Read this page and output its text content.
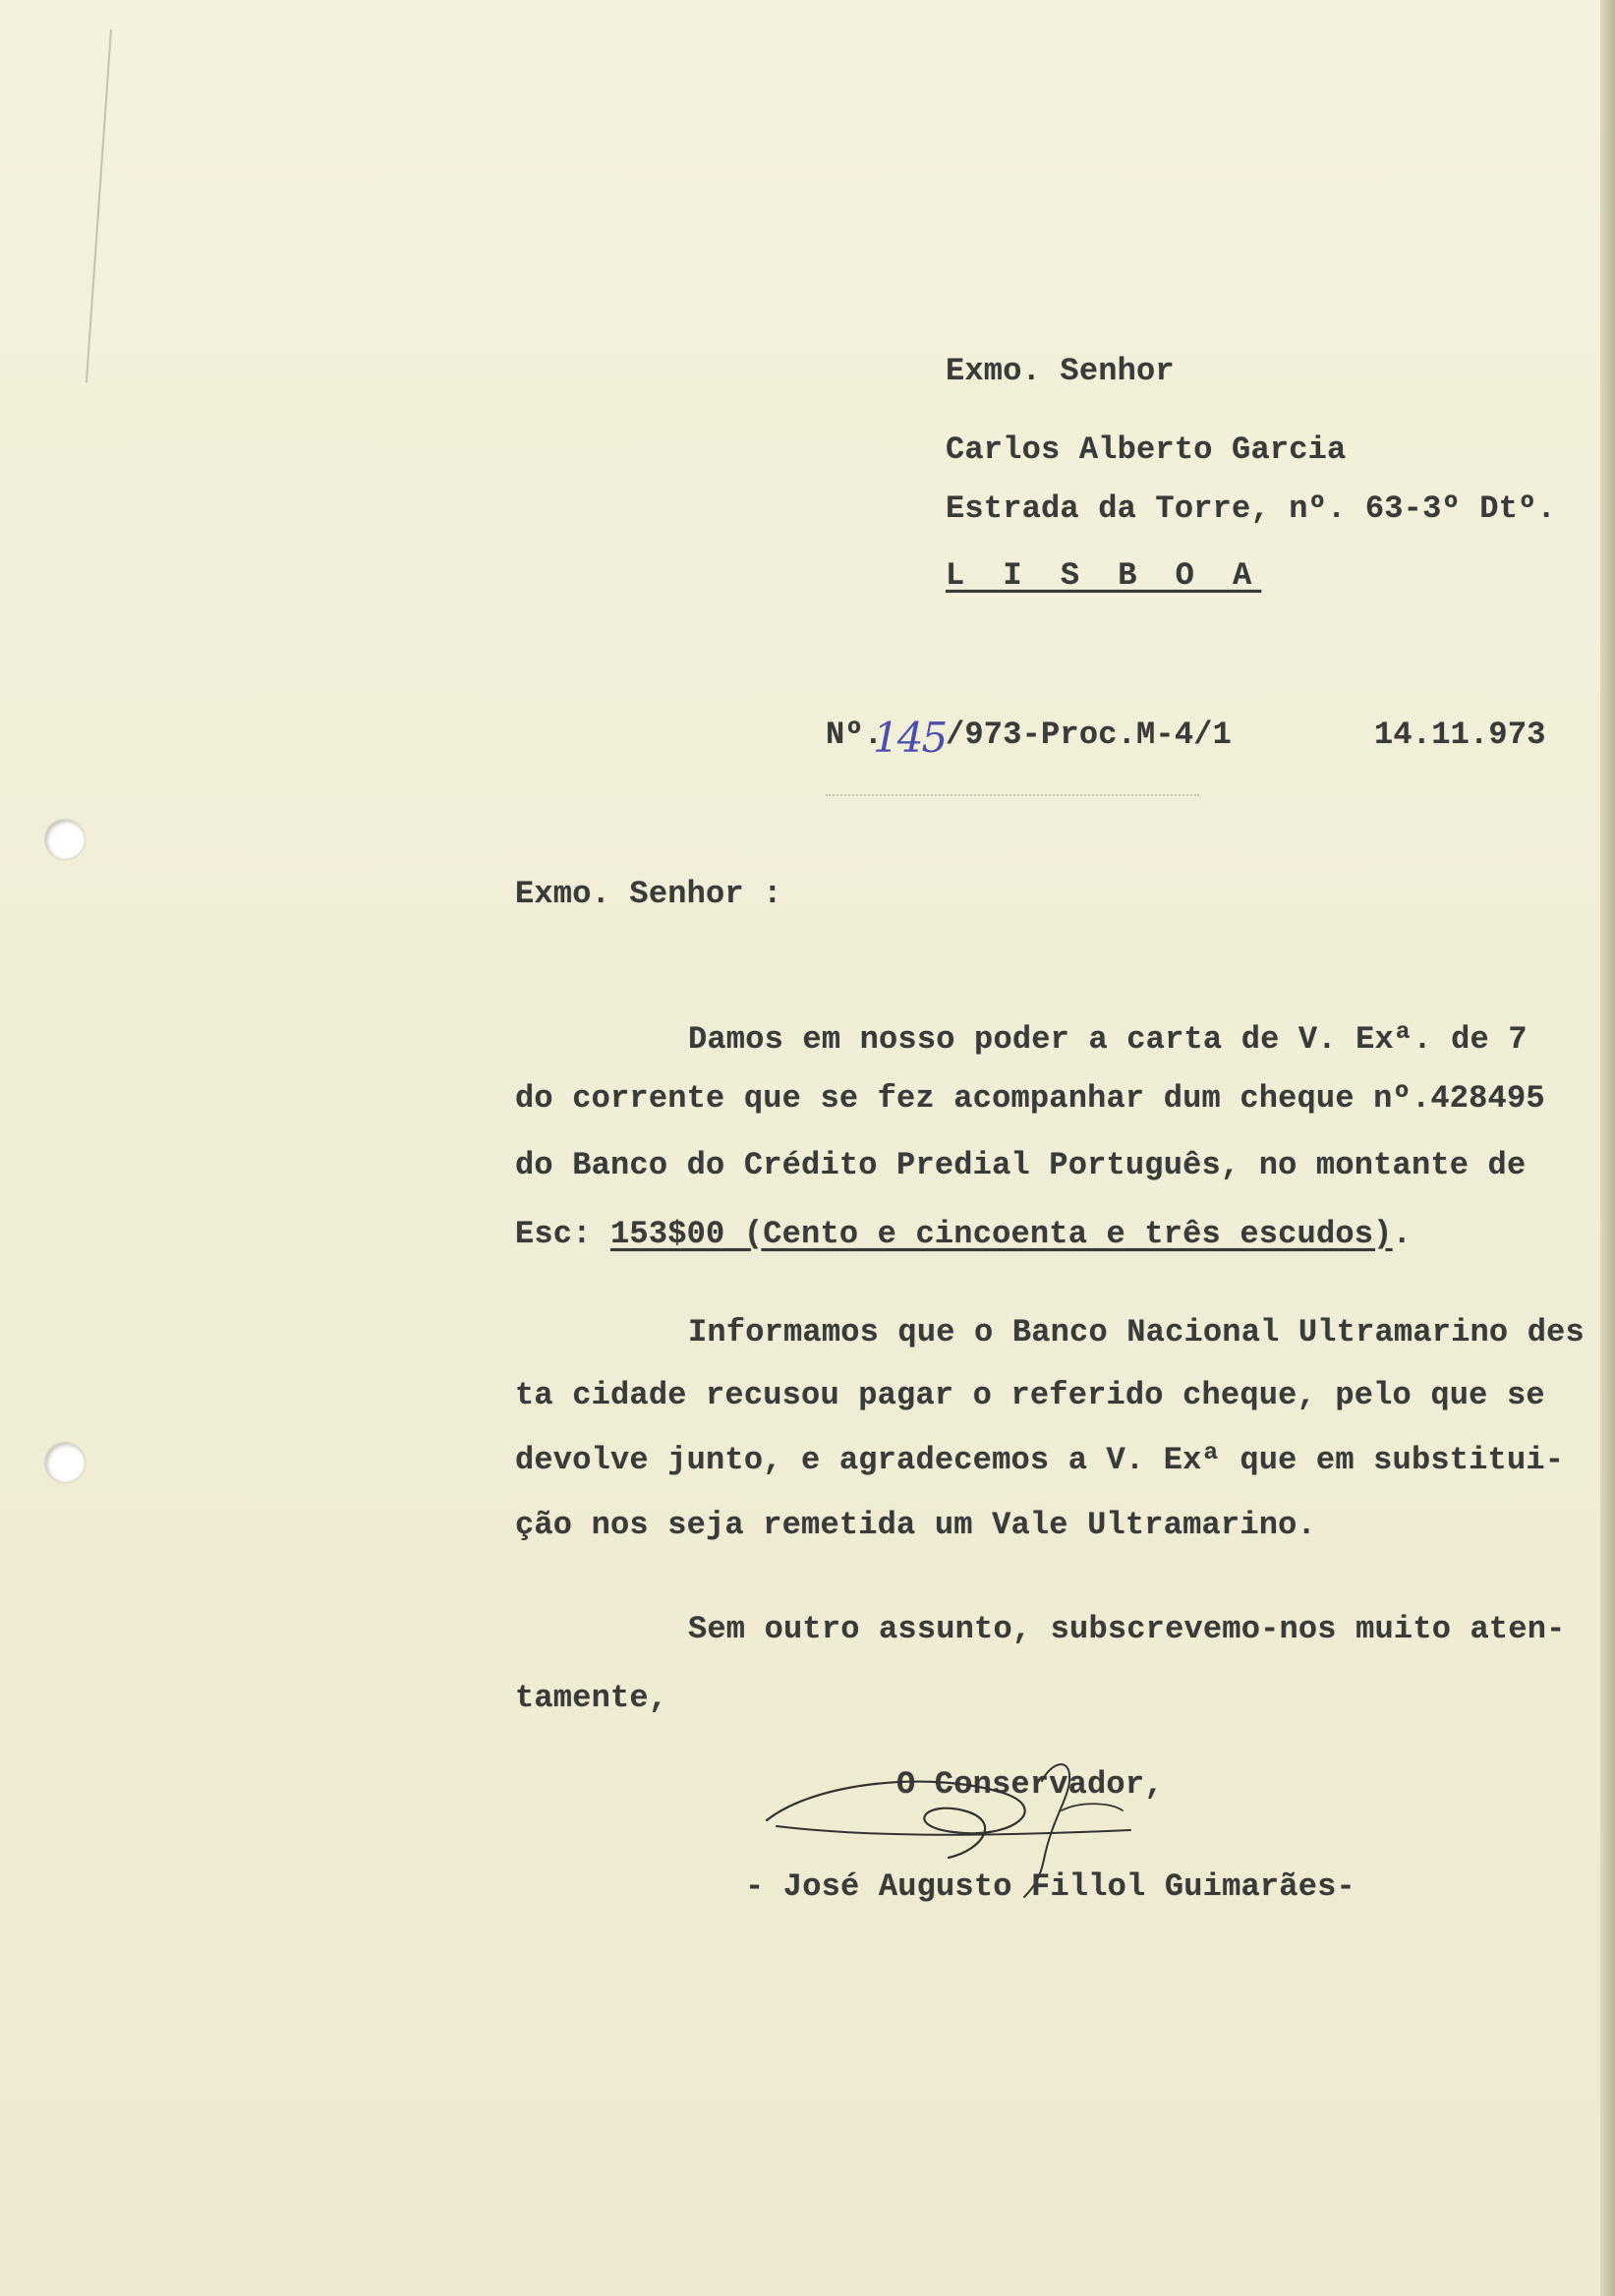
Exmo. Senhor
Carlos Alberto Garcia
Estrada da Torre, nº. 63-3º Dtº.
L I S B O A
Nº.
145 /973-Proc.M-4/1	14.11.973
Exmo. Senhor :
Damos em nosso poder a carta de V. Exª. de 7
do corrente que se fez acompanhar dum cheque nº.428495
do Banco do Crédito Predial Português, no montante de
Esc: 153$00 (Cento e cincoenta e três escudos).
Informamos que o Banco Nacional Ultramarino des
ta cidade recusou pagar o referido cheque, pelo que se
devolve junto, e agradecemos a V. Exª que em substitui-
ção nos seja remetida um Vale Ultramarino.
Sem outro assunto, subscrevemo-nos muito aten-
tamente,
O Conservador,
- José Augusto Fillol Guimarães-
